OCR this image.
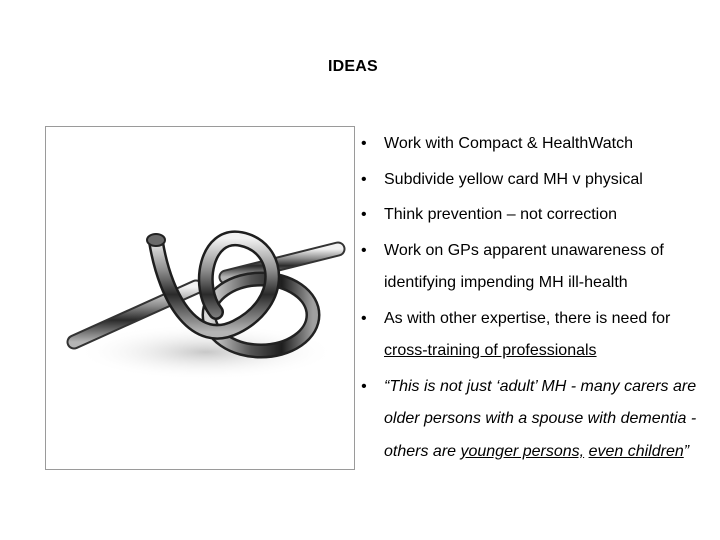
IDEAS
• Work with Compact & HealthWatch
• Subdivide yellow card MH v physical
• Think prevention – not correction
• Work on GPs apparent unawareness of identifying impending MH ill-health
• As with other expertise, there is need for cross-training of professionals
• “This is not just ‘adult’ MH - many carers are older persons with a spouse with dementia - others are younger persons, even children”
